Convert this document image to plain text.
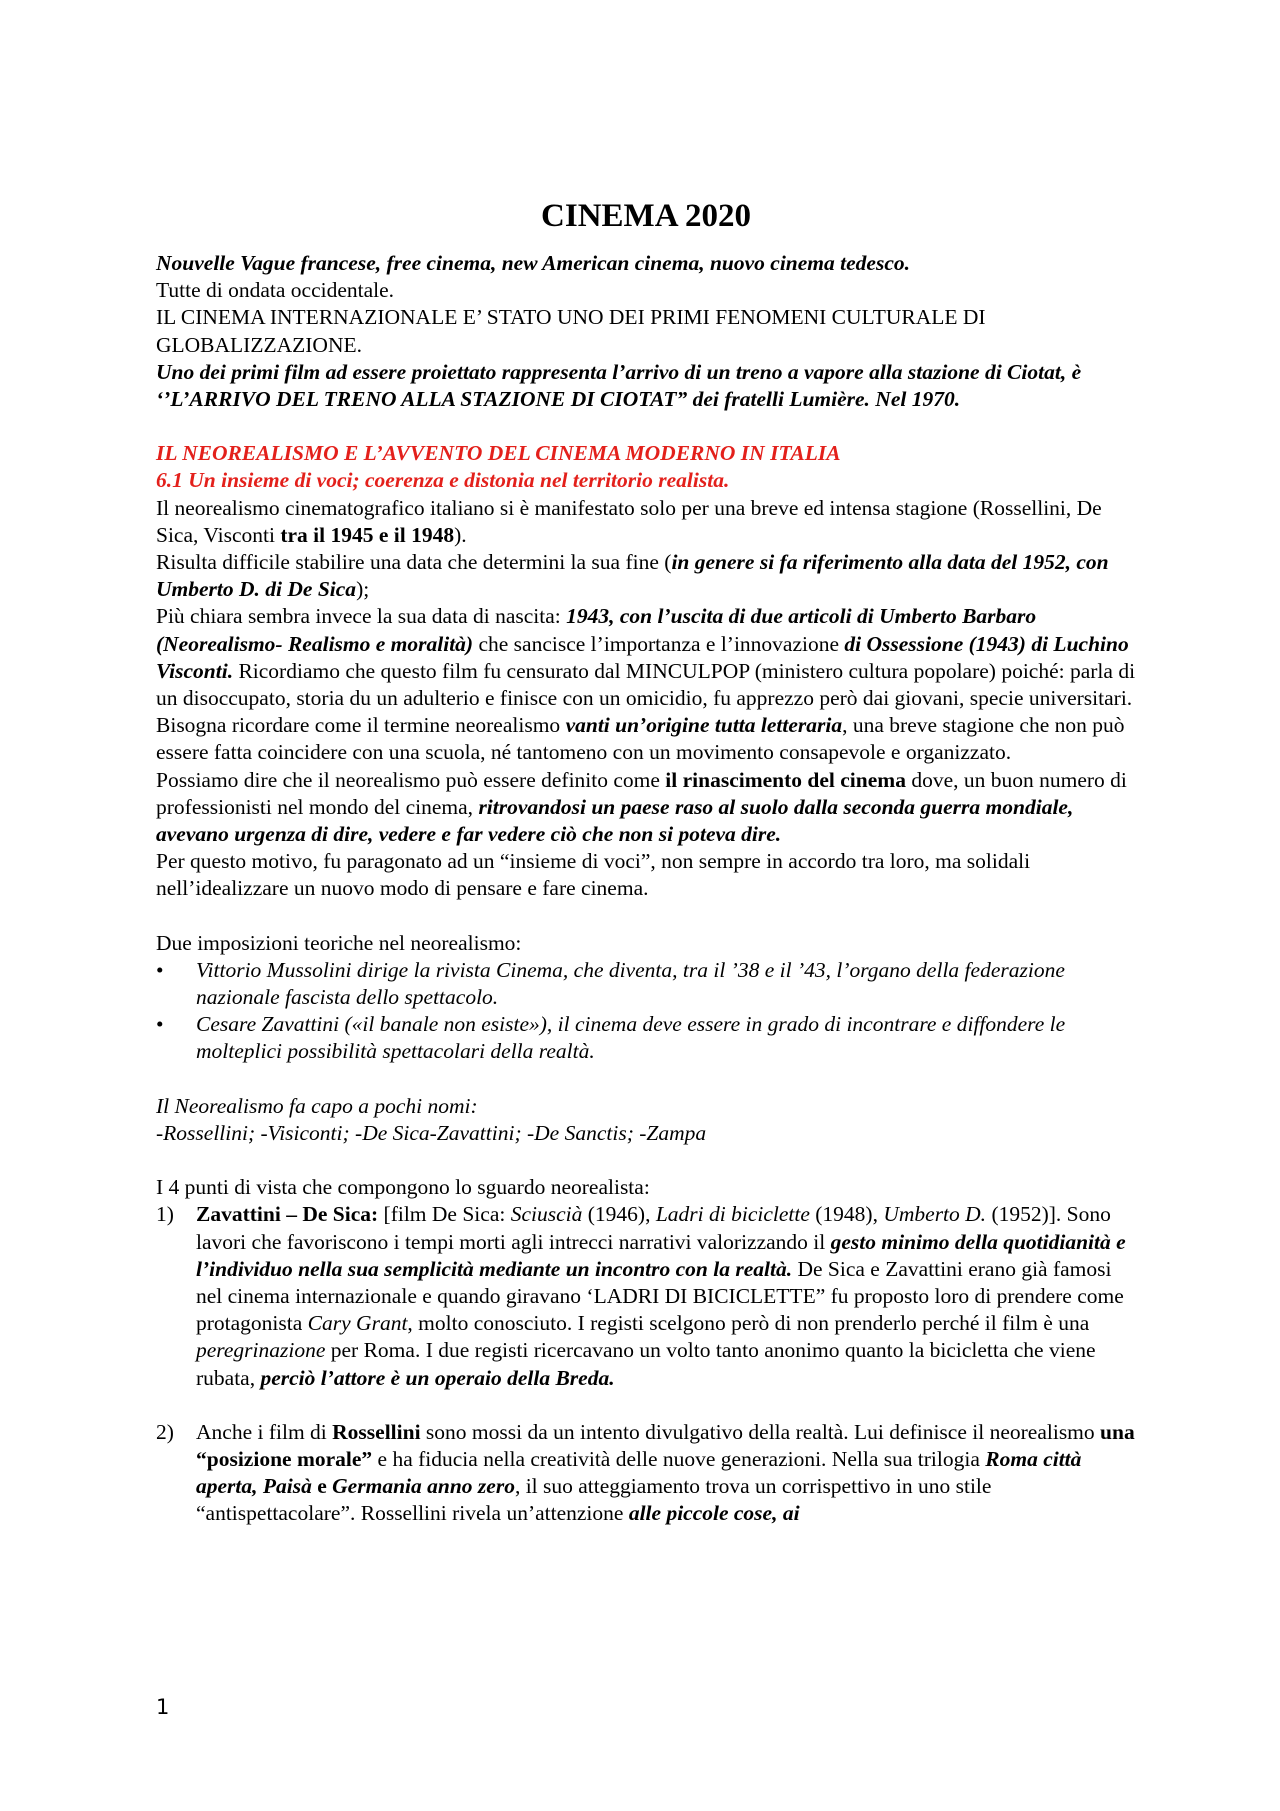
CINEMA 2020

Nouvelle Vague francese, free cinema, new American cinema, nuovo cinema tedesco.

Tutte di ondata occidentale.

IL CINEMA INTERNAZIONALE E’ STATO UNO DEI PRIMI FENOMENI CULTURALE DI GLOBALIZZAZIONE.

Uno dei primi film ad essere proiettato rappresenta l’arrivo di un treno a vapore alla stazione di Ciotat, è ‘’L’ARRIVO DEL TRENO ALLA STAZIONE DI CIOTAT” dei fratelli Lumière. Nel 1970.

IL NEOREALISMO E L’AVVENTO DEL CINEMA MODERNO IN ITALIA

6.1 Un insieme di voci; coerenza e distonia nel territorio realista.

Il neorealismo cinematografico italiano si è manifestato solo per una breve ed intensa stagione (Rossellini, De Sica, Visconti tra il 1945 e il 1948).

Risulta difficile stabilire una data che determini la sua fine (in genere si fa riferimento alla data del 1952, con Umberto D. di De Sica);

Più chiara sembra invece la sua data di nascita: 1943, con l’uscita di due articoli di Umberto Barbaro (Neorealismo- Realismo e moralità) che sancisce l’importanza e l’innovazione di Ossessione (1943) di Luchino Visconti. Ricordiamo che questo film fu censurato dal MINCULPOP (ministero cultura popolare) poiché: parla di un disoccupato, storia du un adulterio e finisce con un omicidio, fu apprezzo però dai giovani, specie universitari.

Bisogna ricordare come il termine neorealismo vanti un’origine tutta letteraria, una breve stagione che non può essere fatta coincidere con una scuola, né tantomeno con un movimento consapevole e organizzato.

Possiamo dire che il neorealismo può essere definito come il rinascimento del cinema dove, un buon numero di professionisti nel mondo del cinema, ritrovandosi un paese raso al suolo dalla seconda guerra mondiale, avevano urgenza di dire, vedere e far vedere ciò che non si poteva dire.

Per questo motivo, fu paragonato ad un “insieme di voci”, non sempre in accordo tra loro, ma solidali nell’idealizzare un nuovo modo di pensare e fare cinema.

Due imposizioni teoriche nel neorealismo:

•	Vittorio Mussolini dirige la rivista Cinema, che diventa, tra il ’38 e il ’43, l’organo della federazione nazionale fascista dello spettacolo.
•	Cesare Zavattini («il banale non esiste»), il cinema deve essere in grado di incontrare e diffondere le molteplici possibilità spettacolari della realtà.

Il Neorealismo fa capo a pochi nomi:

-Rossellini; -Visiconti; -De Sica-Zavattini; -De Sanctis; -Zampa

I 4 punti di vista che compongono lo sguardo neorealista:

1) Zavattini – De Sica: [film De Sica: Sciuscià (1946), Ladri di biciclette (1948), Umberto D. (1952)]. Sono lavori che favoriscono i tempi morti agli intrecci narrativi valorizzando il gesto minimo della quotidianità e l’individuo nella sua semplicità mediante un incontro con la realtà. De Sica e Zavattini erano già famosi nel cinema internazionale e quando giravano ‘LADRI DI BICICLETTE” fu proposto loro di prendere come protagonista Cary Grant, molto conosciuto. I registi scelgono però di non prenderlo perché il film è una peregrinazione per Roma. I due registi ricercavano un volto tanto anonimo quanto la bicicletta che viene rubata, perciò l’attore è un operaio della Breda.
2) Anche i film di Rossellini sono mossi da un intento divulgativo della realtà. Lui definisce il neorealismo una “posizione morale” e ha fiducia nella creatività delle nuove generazioni. Nella sua trilogia Roma città aperta, Paisà e Germania anno zero, il suo atteggiamento trova un corrispettivo in uno stile “antispettacolare”. Rossellini rivela un’attenzione alle piccole cose, ai
1
